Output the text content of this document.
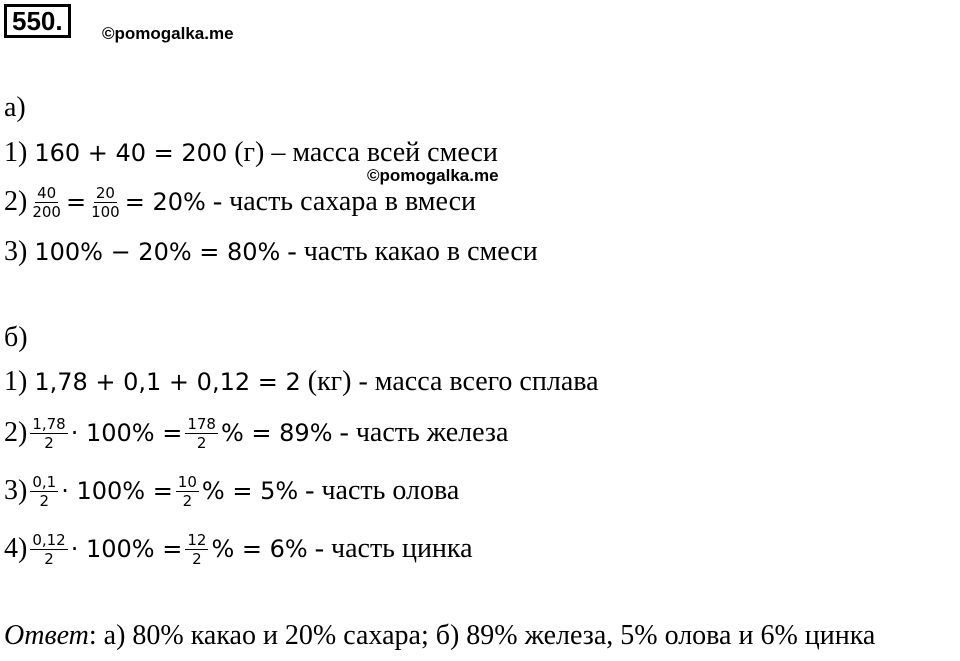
550.	©pomogalka.me
а)
1)
160 + 40 = 200
(г) – масса всей смеси
©pomogalka.me
$2) \frac{40}{200} = \frac{20}{100} = 20\%$
- часть сахара в вмеси
3)
100% − 20% = 80%
- часть какао в смеси
б)
1)
1,78 + 0,1 + 0,12 = 2
(кг) - масса всего сплава
$2) \frac{1,78}{2} \cdot 100\% = \frac{178}{2}$ % = 89%
- часть железа
$3) \frac{0,1}{2} \cdot 100\% = \frac{10}{2}$ % = 5%
- часть олова
$4) \frac{0,12}{2} \cdot 100\% = \frac{12}{2}$ % = 6%
- часть цинка
Ответ: а) 80% какао и 20% сахара; б) 89% железа, 5% олова и 6% цинка
